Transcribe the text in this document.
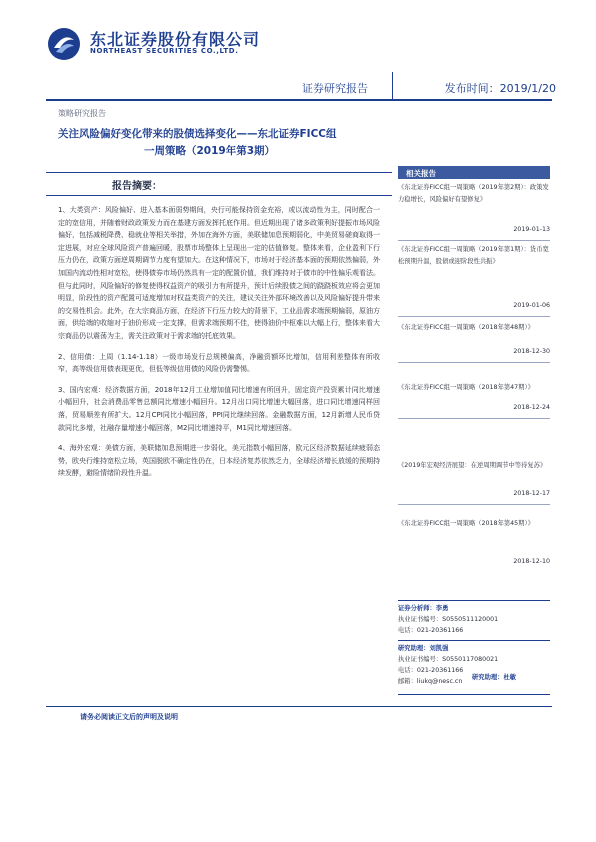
东北证券股份有限公司
NORTHEAST SECURITIES CO.,LTD.
证券研究报告	发布时间：2019/1/20
策略研究报告
关注风险偏好变化带来的股债选择变化——东北证券FICC组
一周策略（2019年第3期）
报告摘要：

1、大类资产：风险偏好、进入基本面弱势期间，央行可能保持资金充裕，或以流动性为主，同时配合一定的宽信用，并随着财政政策发力而在基建方面发挥托底作用。但近期出现了诸多政策利好提振市场风险偏好，包括减税降费、稳就业等相关举措，外加在海外方面，美联储加息预期弱化，中美贸易磋商取得一定进展，对应全球风险资产普遍回暖，股票市场整体上呈现出一定的估值修复。整体来看，企业盈利下行压力仍在，政策方面逆周期调节力度有望加大。在这种情况下，市场对于经济基本面的预期依然偏弱，外加国内流动性相对宽松，使得债券市场仍然具有一定的配置价值，我们维持对于债市的中性偏乐观看法。但与此同时，风险偏好的修复使得权益资产的吸引力有所提升，预计后续股债之间的跷跷板效应将会更加明显，阶段性的资产配置可适度增加对权益类资产的关注，建议关注外部环境改善以及风险偏好提升带来的交易性机会。此外，在大宗商品方面，在经济下行压力较大的背景下，工业品需求端预期偏弱，原油方面，供给端的收缩对于油价形成一定支撑，但需求端预期不佳，使得油价中枢难以大幅上行，整体来看大宗商品仍以震荡为主，需关注政策对于需求端的托底效果。

2、信用债：上周（1.14-1.18）一级市场发行总规模偏高，净融资额环比增加，信用利差整体有所收窄，高等级信用债表现更优，但低等级信用债的风险仍需警惕。

3、国内宏观：经济数据方面，2018年12月工业增加值同比增速有所回升，固定资产投资累计同比增速小幅回升，社会消费品零售总额同比增速小幅回升。12月出口同比增速大幅回落，进口同比增速同样回落，贸易顺差有所扩大。12月CPI同比小幅回落，PPI同比继续回落。金融数据方面，12月新增人民币贷款同比多增，社融存量增速小幅回落，M2同比增速持平，M1同比增速回落。

4、海外宏观：美债方面，美联储加息预期进一步弱化，美元指数小幅回落，欧元区经济数据延续疲弱态势，欧央行维持宽松立场，英国脱欧不确定性仍在，日本经济复苏依然乏力，全球经济增长放缓的预期持续发酵，避险情绪阶段性升温。

相关报告
《东北证券FICC组一周策略（2019年第2期）：政策发力稳增长，风险偏好有望修复》
2019-01-13
《东北证券FICC组一周策略（2019年第1期）：货币宽松预期升温，股债或迎阶段性共振》
2019-01-06
《东北证券FICC组一周策略（2018年第48期）》
2018-12-30
《东北证券FICC组一周策略（2018年第47期）》
2018-12-24
《2019年宏观经济展望：在逆周期调节中等待复苏》
2018-12-17
《东北证券FICC组一周策略（2018年第45期）》
2018-12-10
证券分析师：李勇
执业证书编号：S0550511120001
电话：021-20361166
研究助理：刘凯强
执业证书编号：S0550117080021
电话：021-20361166
邮箱：liukq@nesc.cn
研究助理：杜敏
请务必阅读正文后的声明及说明
